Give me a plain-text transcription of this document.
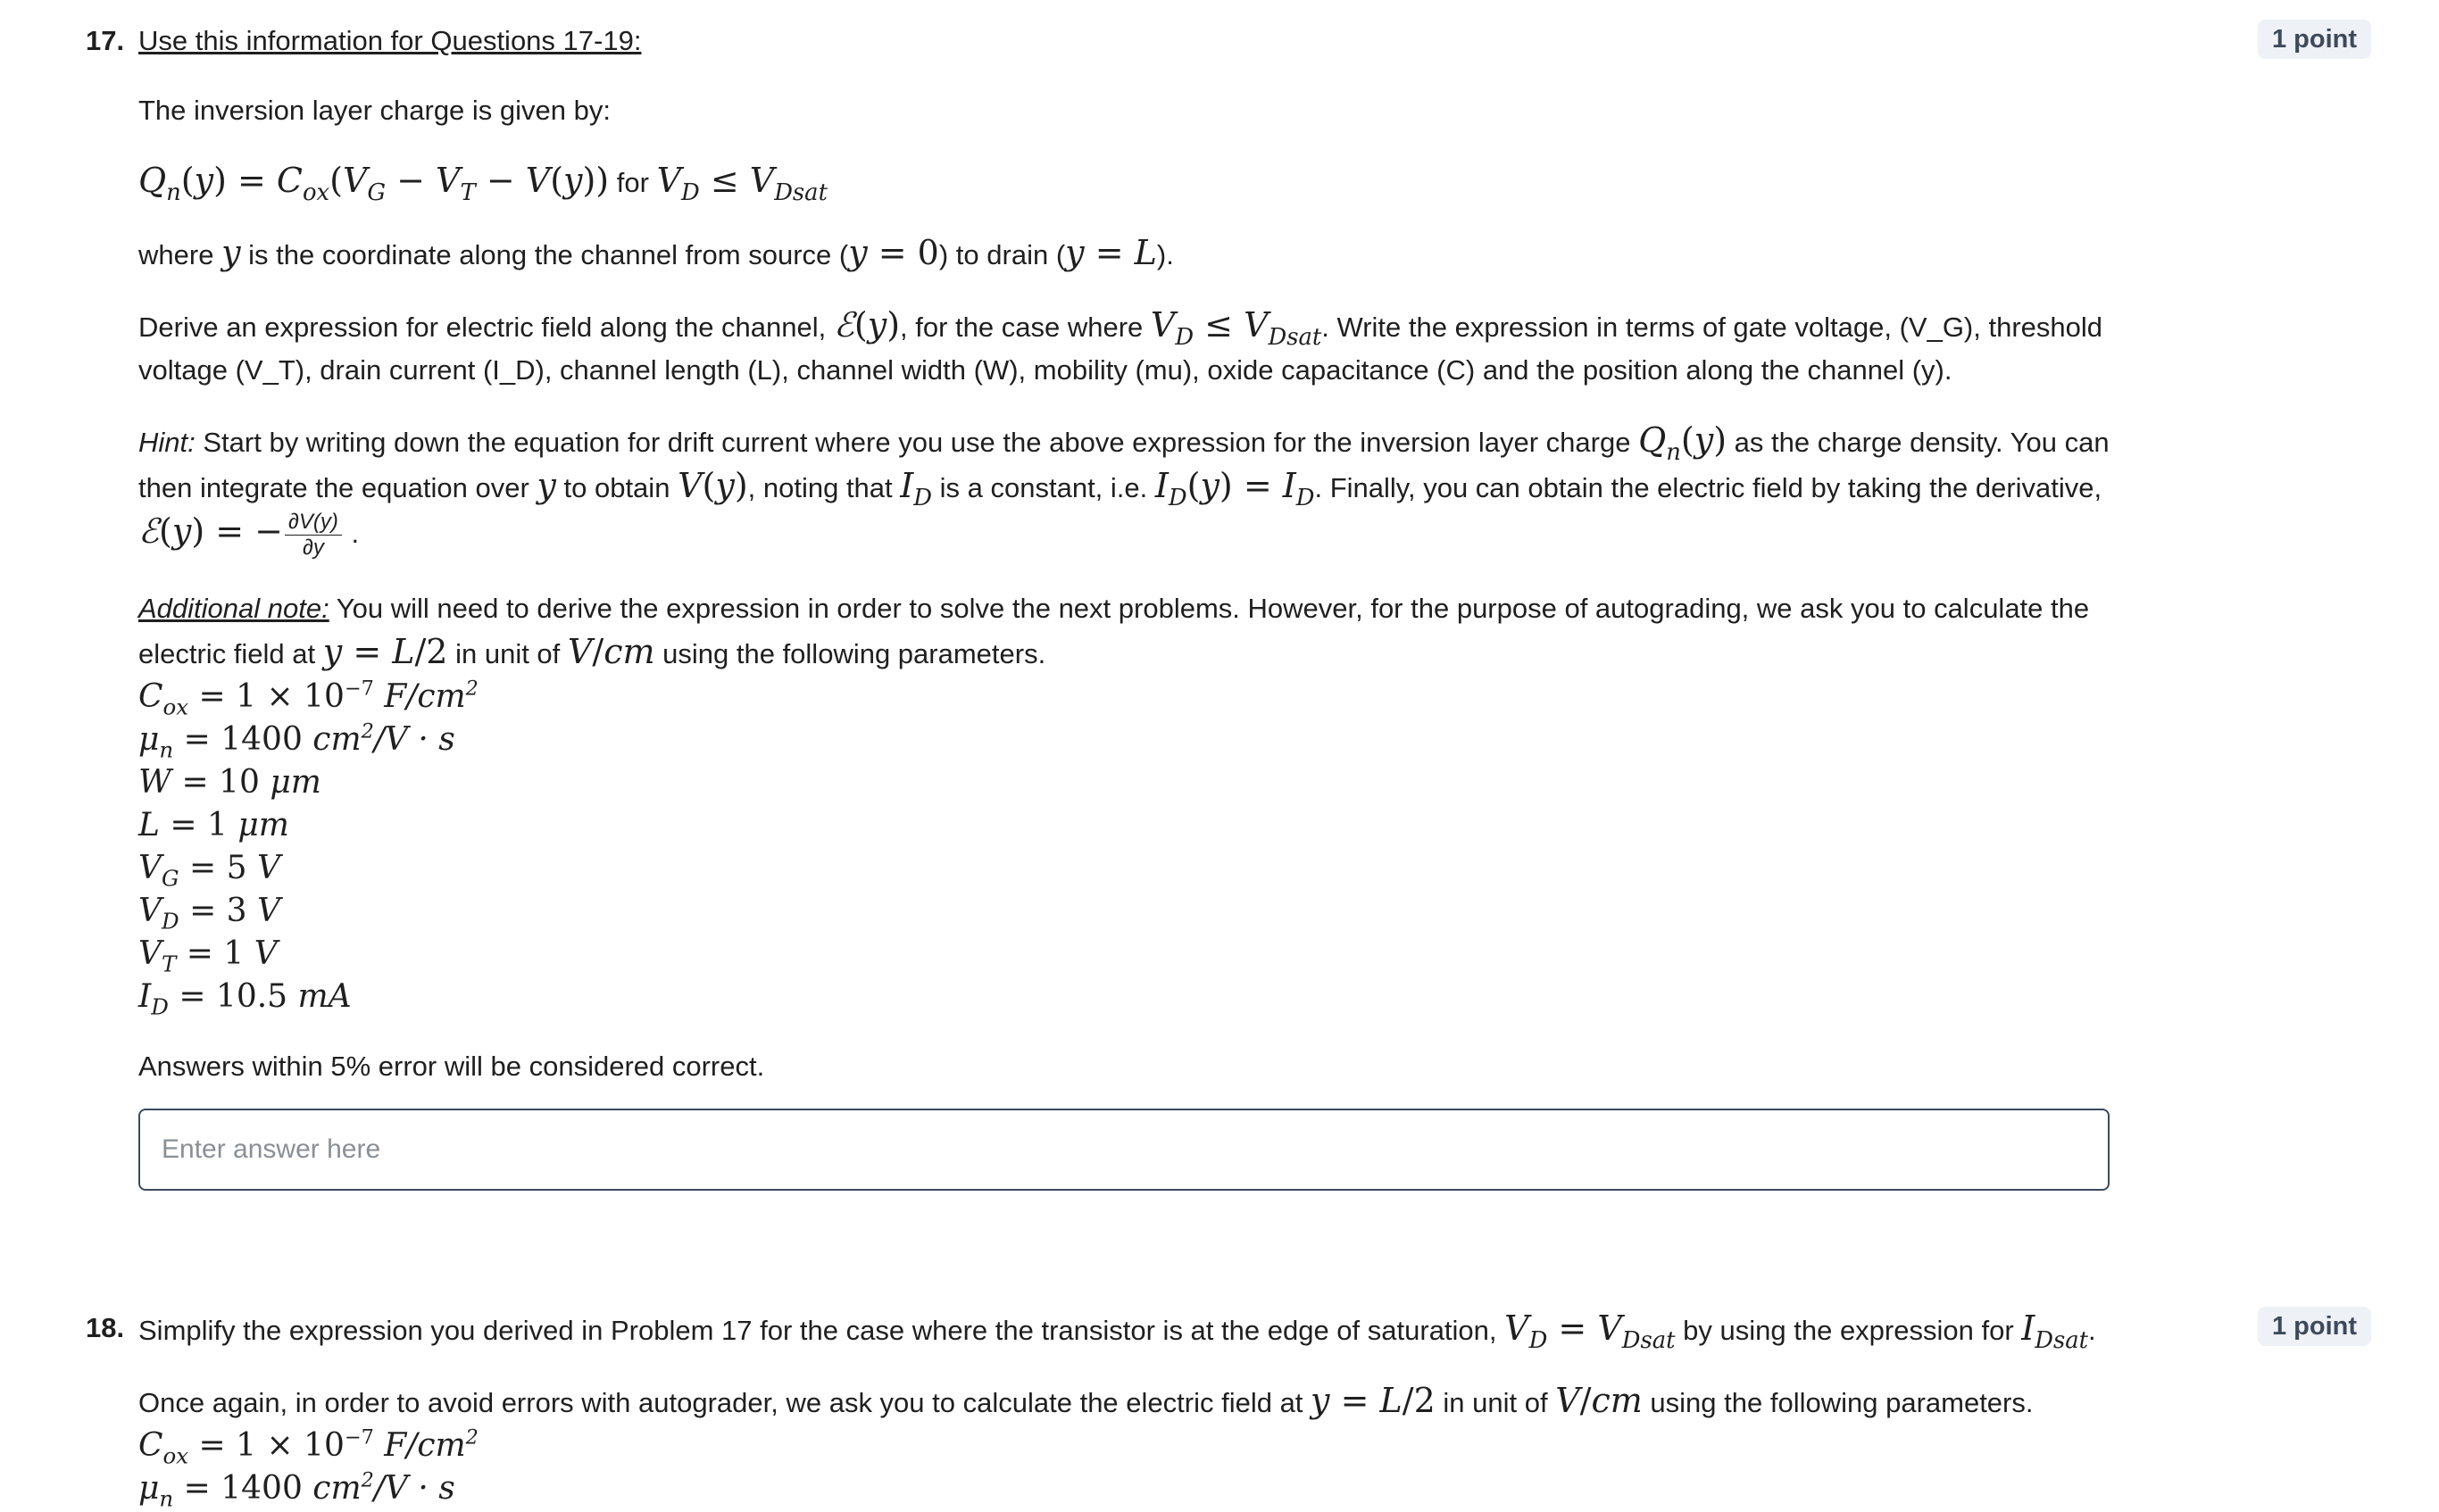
17.	1 point

Use this information for Questions 17-19:

The inversion layer charge is given by:

$Q_n(y) = C_{ox}(V_G - V_T - V(y))$ for $V_D \le V_{Dsat}$

where y is the coordinate along the channel from source (y = 0) to drain (y = L).

Derive an expression for electric field along the channel, ℰ(y), for the case where $V_D \le V_{Dsat}$. Write the expression in terms of gate voltage, (V_G), threshold voltage (V_T), drain current (I_D), channel length (L), channel width (W), mobility (mu), oxide capacitance (C) and the position along the channel (y).

Hint: Start by writing down the equation for drift current where you use the above expression for the inversion layer charge $Q_n(y)$ as the charge density. You can then integrate the equation over y to obtain V(y), noting that $I_D$ is a constant, i.e. $I_D(y) = I_D$. Finally, you can obtain the electric field by taking the derivative,
ℰ(y) = − $\frac{\partial V(y)}{\partial y}$ .

Additional note: You will need to derive the expression in order to solve the next problems. However, for the purpose of autograding, we ask you to calculate the electric field at y = L/2 in unit of V/cm using the following parameters.

$C_{ox} = 1 \times 10^{-7}$ $F/cm^2$
$\mu_n = 1400$ $cm^2/V \cdot s$
W = 10 μm
L = 1 μm
$V_G = 5$ V
$V_D = 3$ V
$V_T = 1$ V
$I_D = 10.5$ mA

Answers within 5% error will be considered correct.

Enter answer here
18.	1 point

Simplify the expression you derived in Problem 17 for the case where the transistor is at the edge of saturation, $V_D = V_{Dsat}$ by using the expression for $I_{Dsat}$.

Once again, in order to avoid errors with autograder, we ask you to calculate the electric field at y = L/2 in unit of V/cm using the following parameters.

$C_{ox} = 1 \times 10^{-7}$ $F/cm^2$
$\mu_n = 1400$ $cm^2/V \cdot s$
